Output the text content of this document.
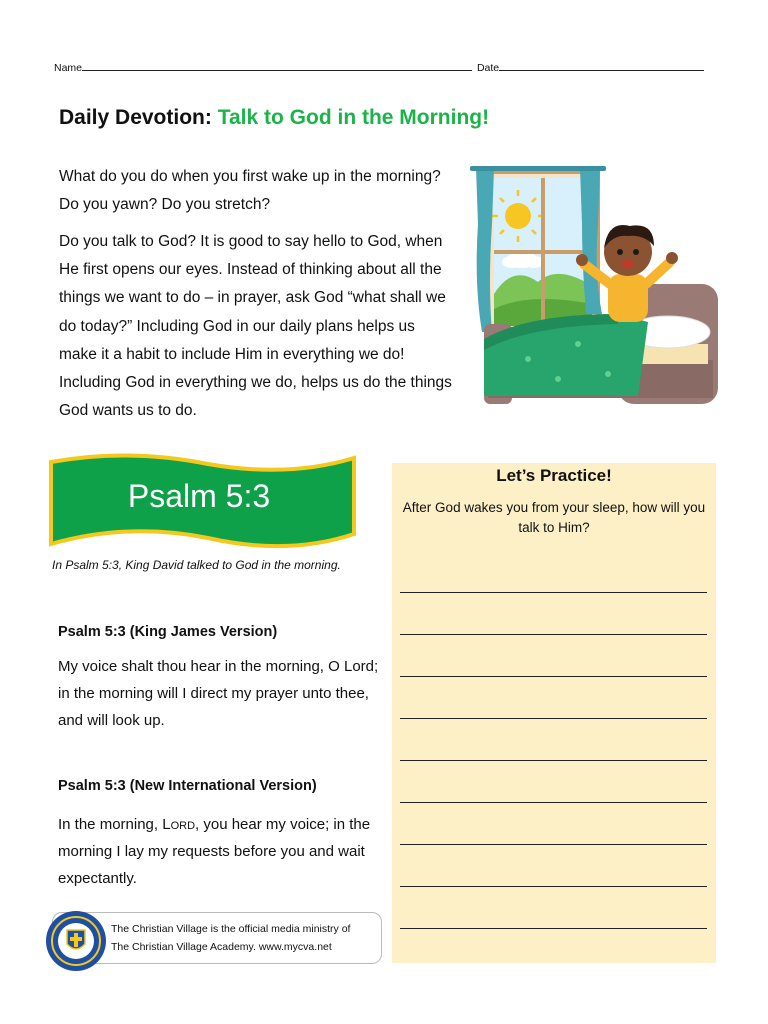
Name	Date
Daily Devotion: Talk to God in the Morning!
What do you do when you first wake up in the morning? Do you yawn? Do you stretch?
Do you talk to God? It is good to say hello to God, when He first opens our eyes. Instead of thinking about all the things we want to do – in prayer, ask God “what shall we do today?” Including God in our daily plans helps us make it a habit to include Him in everything we do! Including God in everything we do, helps us do the things God wants us to do.
Psalm 5:3
In Psalm 5:3, King David talked to God in the morning.
Psalm 5:3 (King James Version)
My voice shalt thou hear in the morning, O Lord; in the morning will I direct my prayer unto thee, and will look up.
Psalm 5:3 (New International Version)
In the morning, Lord, you hear my voice; in the morning I lay my requests before you and wait expectantly.
The Christian Village is the official media ministry of
The Christian Village Academy. www.mycva.net
Let’s Practice!
After God wakes you from your sleep, how will you talk to Him?
